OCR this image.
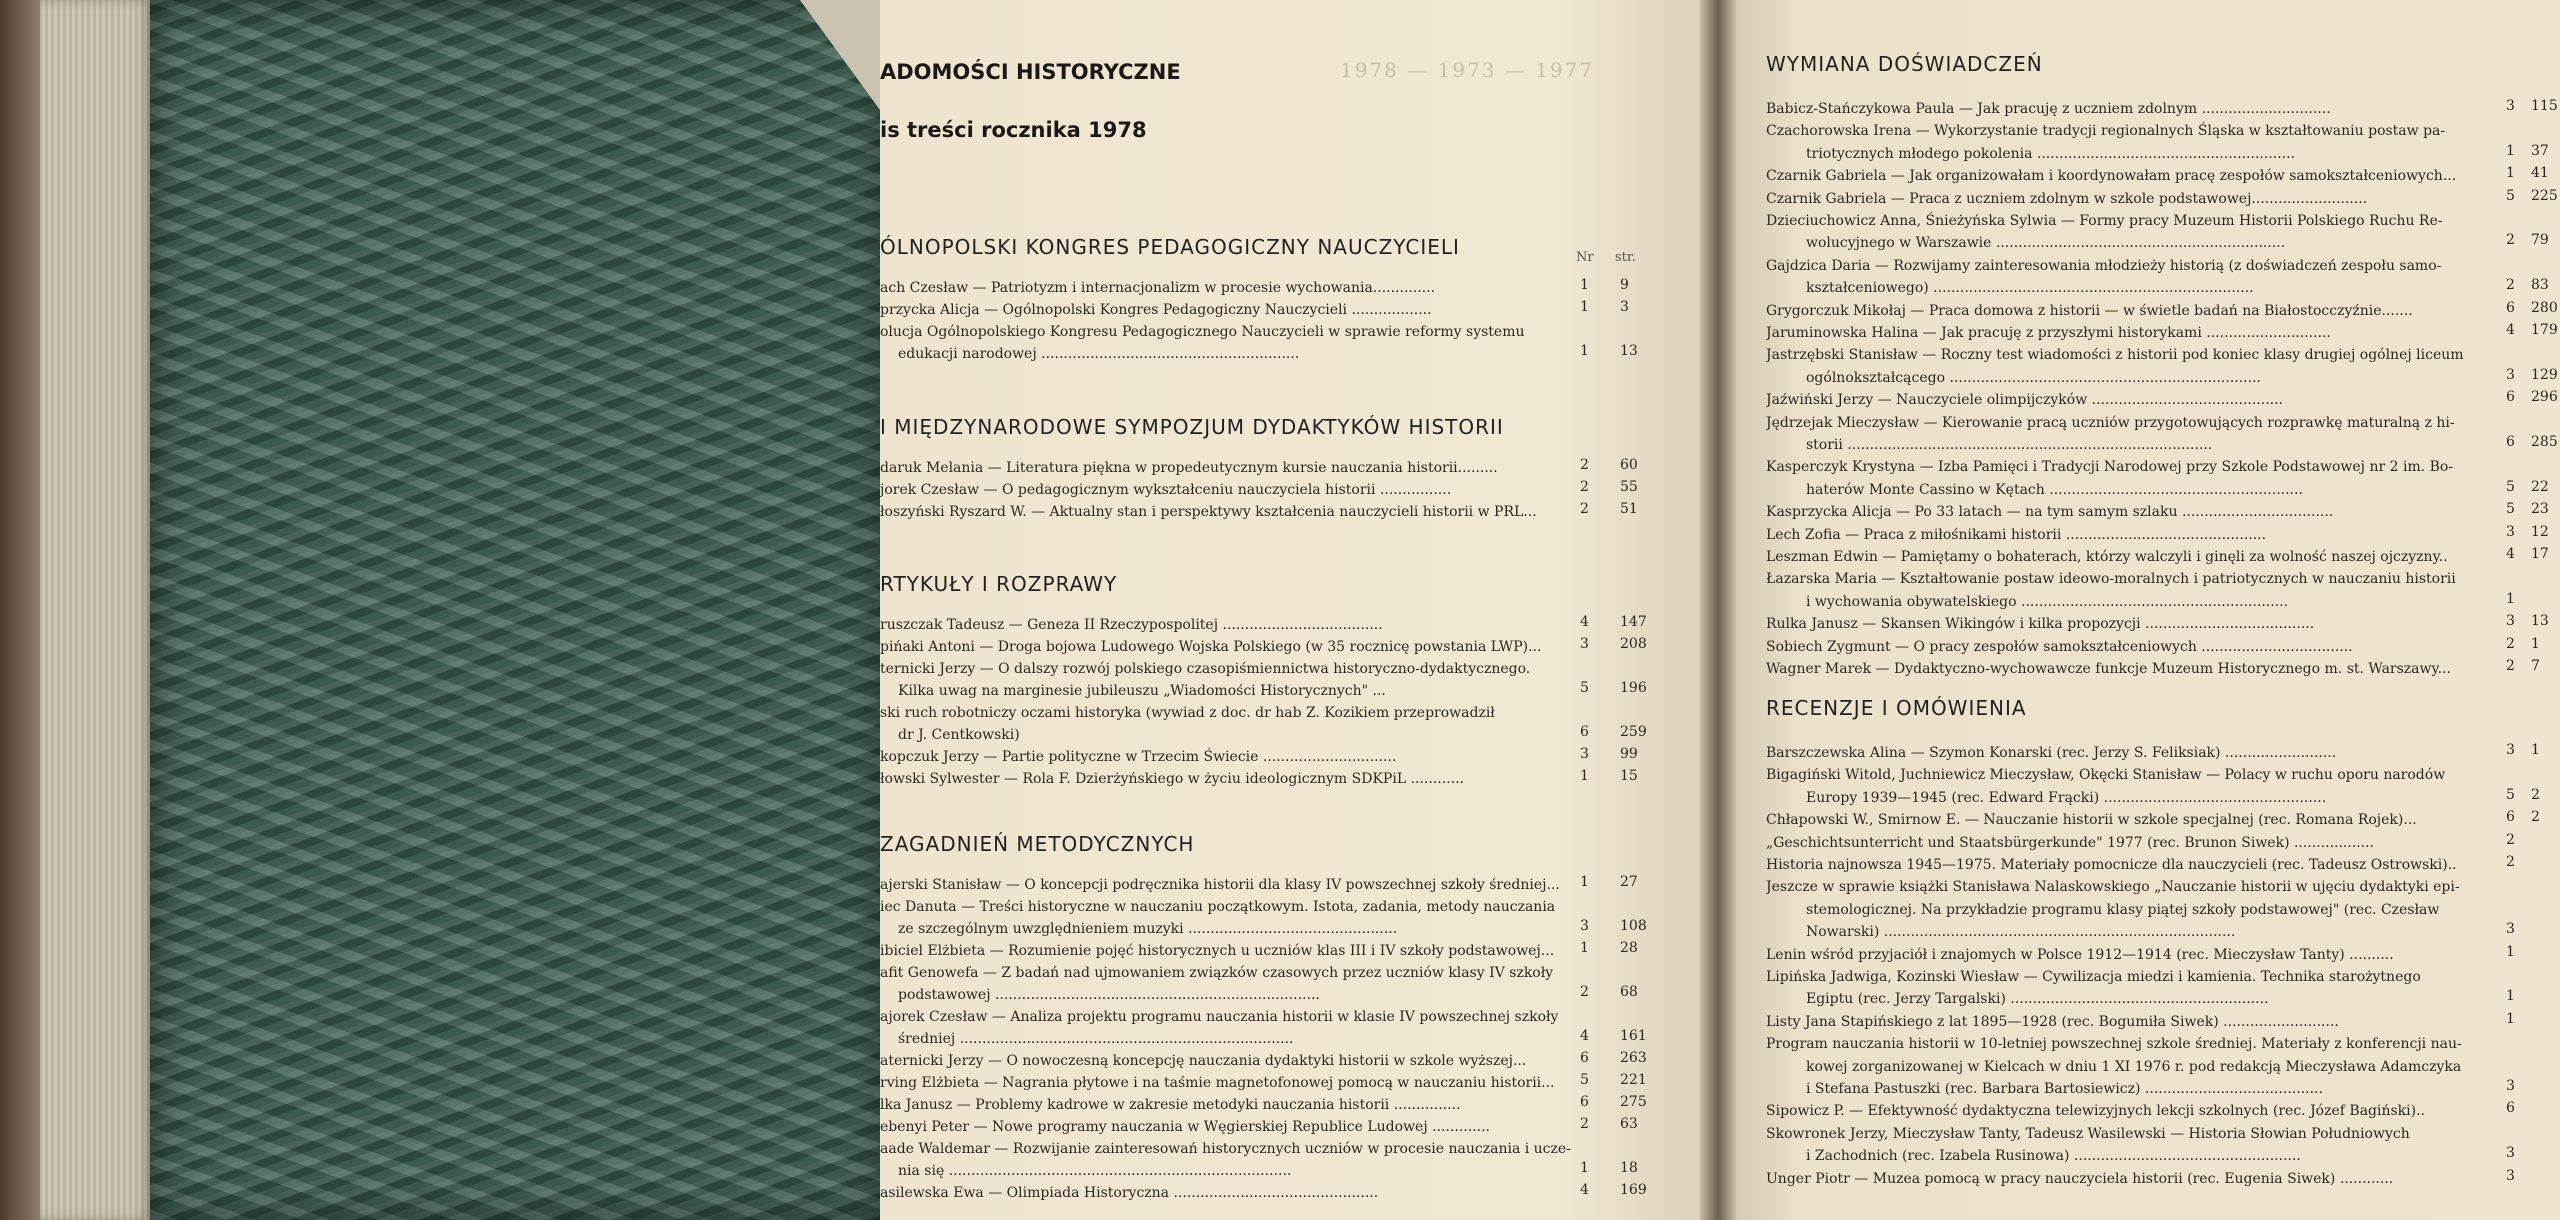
ADOMOŚCI HISTORYCZNE	1978 — 1973 — 1977
is treści rocznika 1978
Nr str.
ÓLNOPOLSKI KONGRES PEDAGOGICZNY NAUCZYCIELI
ach Czesław — Patriotyzm i internacjonalizm w procesie wychowania..............	1 9
przycka Alicja — Ogólnopolski Kongres Pedagogiczny Nauczycieli ..................	1 3
olucja Ogólnopolskiego Kongresu Pedagogicznego Nauczycieli w sprawie reformy systemu
edukacji narodowej ..........................................................	1 13
I MIĘDZYNARODOWE SYMPOZJUM DYDAKTYKÓW HISTORII
daruk Melania — Literatura piękna w propedeutycznym kursie nauczania historii.........	2 60
jorek Czesław — O pedagogicznym wykształceniu nauczyciela historii ................	2 55
łoszyński Ryszard W. — Aktualny stan i perspektywy kształcenia nauczycieli historii w PRL...	2 51
RTYKUŁY I ROZPRAWY
ruszczak Tadeusz — Geneza II Rzeczypospolitej ....................................	4 147
pińaki Antoni — Droga bojowa Ludowego Wojska Polskiego (w 35 rocznicę powstania LWP)...	3 208
ternicki Jerzy — O dalszy rozwój polskiego czasopiśmiennictwa historyczno-dydaktycznego.
Kilka uwag na marginesie jubileuszu „Wiadomości Historycznych" ...	5 196
ski ruch robotniczy oczami historyka (wywiad z doc. dr hab Z. Kozikiem przeprowadził
dr J. Centkowski)	6 259
kopczuk Jerzy — Partie polityczne w Trzecim Świecie ..............................	3 99
łowski Sylwester — Rola F. Dzierżyńskiego w życiu ideologicznym SDKPiL ............	1 15
ZAGADNIEŃ METODYCZNYCH
ajerski Stanisław — O koncepcji podręcznika historii dla klasy IV powszechnej szkoły średniej... 1 27
iec Danuta — Treści historyczne w nauczaniu początkowym. Istota, zadania, metody nauczania
ze szczególnym uwzględnieniem muzyki ...............................................	3 108
ibiciel Elżbieta — Rozumienie pojęć historycznych u uczniów klas III i IV szkoły podstawowej... 1 28
afit Genowefa — Z badań nad ujmowaniem związków czasowych przez uczniów klasy IV szkoły
podstawowej .........................................................................	2 68
ajorek Czesław — Analiza projektu programu nauczania historii w klasie IV powszechnej szkoły
średniej ...........................................................................	4 161
aternicki Jerzy — O nowoczesną koncepcję nauczania dydaktyki historii w szkole wyższej...	6 263
rving Elżbieta — Nagrania płytowe i na taśmie magnetofonowej pomocą w nauczaniu historii... 5 221
lka Janusz — Problemy kadrowe w zakresie metodyki nauczania historii ...............	6 275
ebenyi Peter — Nowe programy nauczania w Węgierskiej Republice Ludowej .............	2 63
aade Waldemar — Rozwijanie zainteresowań historycznych uczniów w procesie nauczania i ucze-
nia się .............................................................................	1 18
asilewska Ewa — Olimpiada Historyczna ..............................................	4 169
WYMIANA DOŚWIADCZEŃ
Babicz-Stańczykowa Paula — Jak pracuję z uczniem zdolnym .............................	3 115
Czachorowska Irena — Wykorzystanie tradycji regionalnych Śląska w kształtowaniu postaw pa-
triotycznych młodego pokolenia ..........................................................	1 37
Czarnik Gabriela — Jak organizowałam i koordynowałam pracę zespołów samokształceniowych...	1 41
Czarnik Gabriela — Praca z uczniem zdolnym w szkole podstawowej..........................	5 225
Dzieciuchowicz Anna, Śnieżyńska Sylwia — Formy pracy Muzeum Historii Polskiego Ruchu Re-
wolucyjnego w Warszawie .................................................................	2 79
Gajdzica Daria — Rozwijamy zainteresowania młodzieży historią (z doświadczeń zespołu samo-
kształceniowego) ........................................................................	2 83
Grygorczuk Mikołaj — Praca domowa z historii — w świetle badań na Białostocczyźnie.......	6 280
Jaruminowska Halina — Jak pracuję z przyszłymi historykami ............................	4 179
Jastrzębski Stanisław — Roczny test wiadomości z historii pod koniec klasy drugiej ogólnej liceum
ogólnokształcącego ......................................................................	3 129
Jaźwiński Jerzy — Nauczyciele olimpijczyków ...........................................	6 296
Jędrzejak Mieczysław — Kierowanie pracą uczniów przygotowujących rozprawkę maturalną z hi-
storii ..................................................................................	6 285
Kasperczyk Krystyna — Izba Pamięci i Tradycji Narodowej przy Szkole Podstawowej nr 2 im. Bo-
haterów Monte Cassino w Kętach .........................................................	5 22
Kasprzycka Alicja — Po 33 latach — na tym samym szlaku ..................................	5 23
Lech Zofia — Praca z miłośnikami historii .............................................	3 12
Leszman Edwin — Pamiętamy o bohaterach, którzy walczyli i ginęli za wolność naszej ojczyzny..	4 17
Łazarska Maria — Kształtowanie postaw ideowo-moralnych i patriotycznych w nauczaniu historii
i wychowania obywatelskiego ............................................................	1
Rulka Janusz — Skansen Wikingów i kilka propozycji ......................................	3 13
Sobiech Zygmunt — O pracy zespołów samokształceniowych ..................................	2 1
Wagner Marek — Dydaktyczno-wychowawcze funkcje Muzeum Historycznego m. st. Warszawy...	2 7
RECENZJE I OMÓWIENIA
Barszczewska Alina — Szymon Konarski (rec. Jerzy S. Feliksiak) .........................	3 1
Bigagiński Witold, Juchniewicz Mieczysław, Okęcki Stanisław — Polacy w ruchu oporu narodów
Europy 1939—1945 (rec. Edward Frącki) ..................................................	5 2
Chłapowski W., Smirnow E. — Nauczanie historii w szkole specjalnej (rec. Romana Rojek)...	6 2
„Geschichtsunterricht und Staatsbürgerkunde" 1977 (rec. Brunon Siwek) ..................	2
Historia najnowsza 1945—1975. Materiały pomocnicze dla nauczycieli (rec. Tadeusz Ostrowski)..	2
Jeszcze w sprawie książki Stanisława Nalaskowskiego „Nauczanie historii w ujęciu dydaktyki epi-
stemologicznej. Na przykładzie programu klasy piątej szkoły podstawowej" (rec. Czesław
Nowarski) ...............................................................................	3
Lenin wśród przyjaciół i znajomych w Polsce 1912—1914 (rec. Mieczysław Tanty) ..........	1
Lipińska Jadwiga, Kozinski Wiesław — Cywilizacja miedzi i kamienia. Technika starożytnego
Egiptu (rec. Jerzy Targalski) ..........................................................	1
Listy Jana Stapińskiego z lat 1895—1928 (rec. Bogumiła Siwek) ..........................	1
Program nauczania historii w 10-letniej powszechnej szkole średniej. Materiały z konferencji nau-
kowej zorganizowanej w Kielcach w dniu 1 XI 1976 r. pod redakcją Mieczysława Adamczyka
i Stefana Pastuszki (rec. Barbara Bartosiewicz) ........................................	3
Sipowicz P. — Efektywność dydaktyczna telewizyjnych lekcji szkolnych (rec. Józef Bagiński)..	6
Skowronek Jerzy, Mieczysław Tanty, Tadeusz Wasilewski — Historia Słowian Południowych
i Zachodnich (rec. Izabela Rusinowa) ...................................................	3
Unger Piotr — Muzea pomocą w pracy nauczyciela historii (rec. Eugenia Siwek) ............	3
